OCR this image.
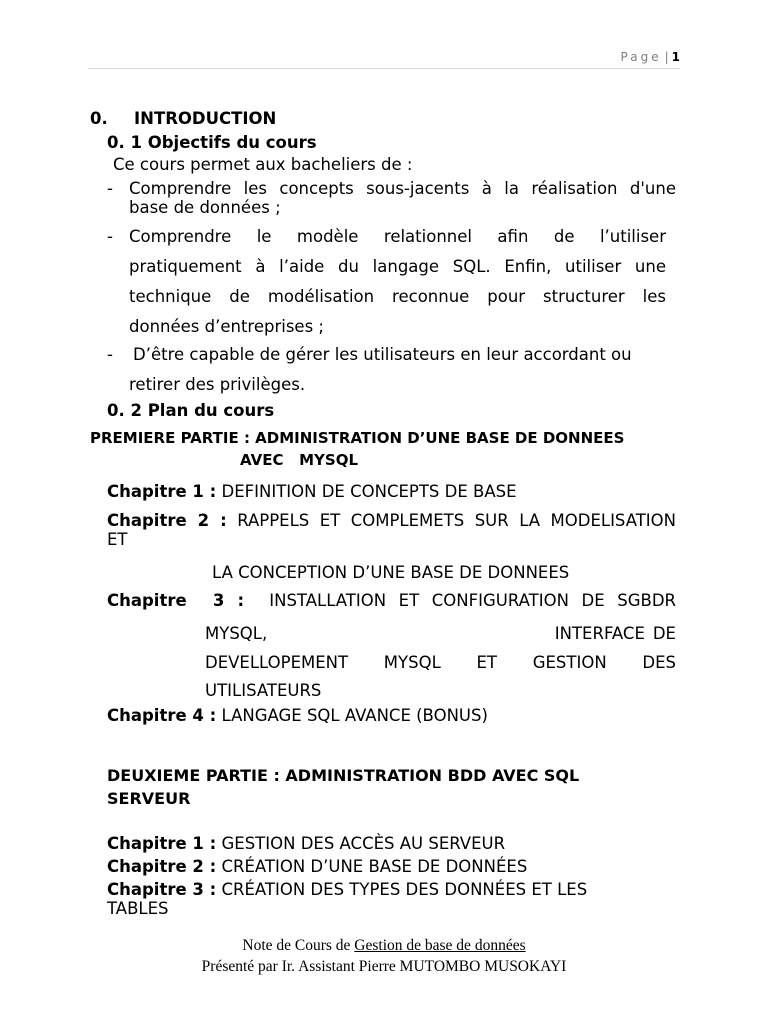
Page | 1
0. INTRODUCTION
0. 1 Objectifs du cours
Ce cours permet aux bacheliers de :
- Comprendre les concepts sous-jacents à la réalisation d'une
base de données ;
- Comprendre le modèle relationnel afin de l’utiliser
pratiquement à l’aide du langage SQL. Enfin, utiliser une
technique de modélisation reconnue pour structurer les
données d’entreprises ;
- D’être capable de gérer les utilisateurs en leur accordant ou
retirer des privilèges.
0. 2 Plan du cours
PREMIERE PARTIE : ADMINISTRATION D’UNE BASE DE DONNEES
AVEC   MYSQL
Chapitre 1 : DEFINITION DE CONCEPTS DE BASE
Chapitre 2 : RAPPELS ET COMPLEMETS SUR LA MODELISATION
ET
LA CONCEPTION D’UNE BASE DE DONNEES
Chapitre  3 : INSTALLATION ET CONFIGURATION DE SGBDR
MYSQL,                                    INTERFACE DE
DEVELLOPEMENT MYSQL ET GESTION DES
UTILISATEURS
Chapitre 4 : LANGAGE SQL AVANCE (BONUS)
DEUXIEME PARTIE : ADMINISTRATION BDD AVEC SQL
SERVEUR
Chapitre 1 : GESTION DES ACCÈS AU SERVEUR
Chapitre 2 : CRÉATION D’UNE BASE DE DONNÉES
Chapitre 3 : CRÉATION DES TYPES DES DONNÉES ET LES
TABLES
Note de Cours de Gestion de base de données
Présenté par Ir. Assistant Pierre MUTOMBO MUSOKAYI
